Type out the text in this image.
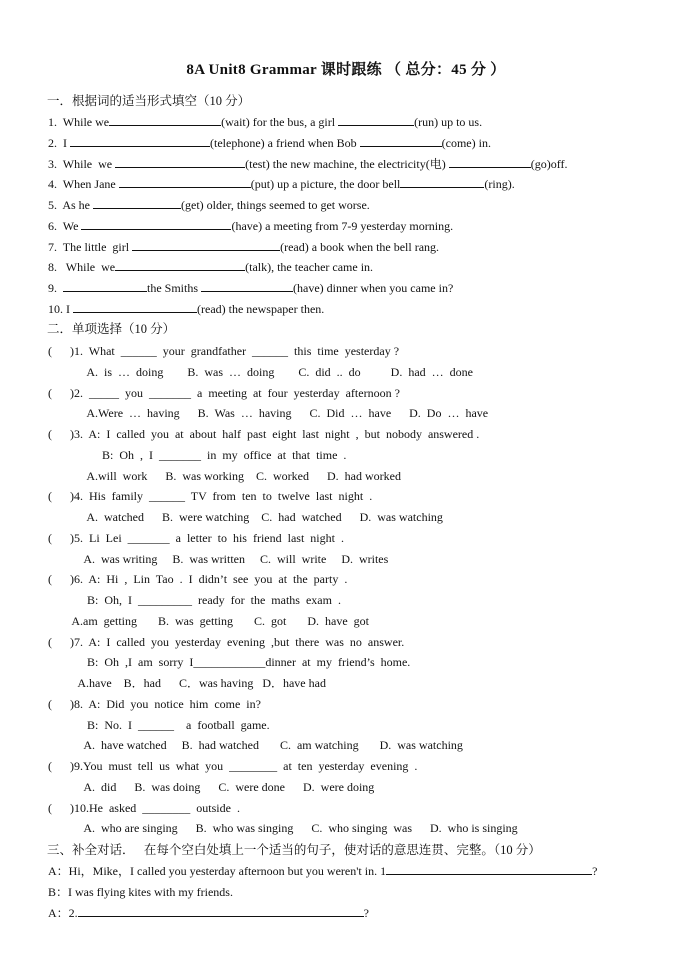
8A Unit8 Grammar 课时跟练 （ 总分：45 分 ）
一．根据词的适当形式填空（10 分）
1.  While we	(wait) for the bus, a girl	(run) up to us.
2.  I	(telephone) a friend when Bob	(come) in.
3.  While  we	(test) the new machine, the electricity(电)	(go)off.
4.  When Jane	(put) up a picture, the door bell	(ring).
5.  As he	(get) older, things seemed to get worse.
6.  We	(have) a meeting from 7-9 yesterday morning.
7.  The little  girl	(read) a book when the bell rang.
8.   While  we	(talk), the teacher came in.
9.	the Smiths	(have) dinner when you came in?
10. I	(read) the newspaper then.
二．单项选择（10 分）
(      )1.  What  ______  your  grandfather  ______  this  time  yesterday ?
A.  is  …  doing        B.  was  …  doing        C.  did  ..  do          D.  had  …  done
(      )2.  _____  you  _______  a  meeting  at  four  yesterday  afternoon ?
A.Were  …  having      B.  Was  …  having      C.  Did  …  have      D.  Do  …  have
(      )3.  A:  I  called  you  at  about  half  past  eight  last  night  ,  but  nobody  answered .
B:  Oh  ,  I  _______  in  my  office  at  that  time  .
A.will  work      B.  was working    C.  worked      D.  had worked
(      )4.  His  family  ______  TV  from  ten  to  twelve  last  night  .
A.  watched      B.  were watching    C.  had  watched      D.  was watching
(      )5.  Li  Lei  _______  a  letter  to  his  friend  last  night  .
A.  was writing     B.  was written     C.  will  write     D.  writes
(      )6.  A:  Hi  ,  Lin  Tao  .  I  didn’t  see  you  at  the  party  .
B:  Oh,  I  _________  ready  for  the  maths  exam  .
A.am  getting       B.  was  getting       C.  got       D.  have  got
(      )7.  A:  I  called  you  yesterday  evening  ,but  there  was  no  answer.
B:  Oh  ,I  am  sorry  I____________dinner  at  my  friend’s  home.
A.have    B．had      C．was having   D．have had
(      )8.  A:  Did  you  notice  him  come  in?
B:  No.  I  ______    a  football  game.
A.  have watched     B.  had watched       C.  am watching       D.  was watching
(      )9.You  must  tell  us  what  you  ________  at  ten  yesterday  evening  .
A.  did      B.  was doing      C.  were done      D.  were doing
(      )10.He  asked  ________  outside  .
A.  who are singing      B.  who was singing      C.  who singing  was      D.  who is singing
三、补全对话．   在每个空白处填上一个适当的句子，使对话的意思连贯、完整。（10 分）
A：Hi，Mike，I called you yesterday afternoon but you weren't in. 1	?
B：I was flying kites with my friends.
A：2.	?
